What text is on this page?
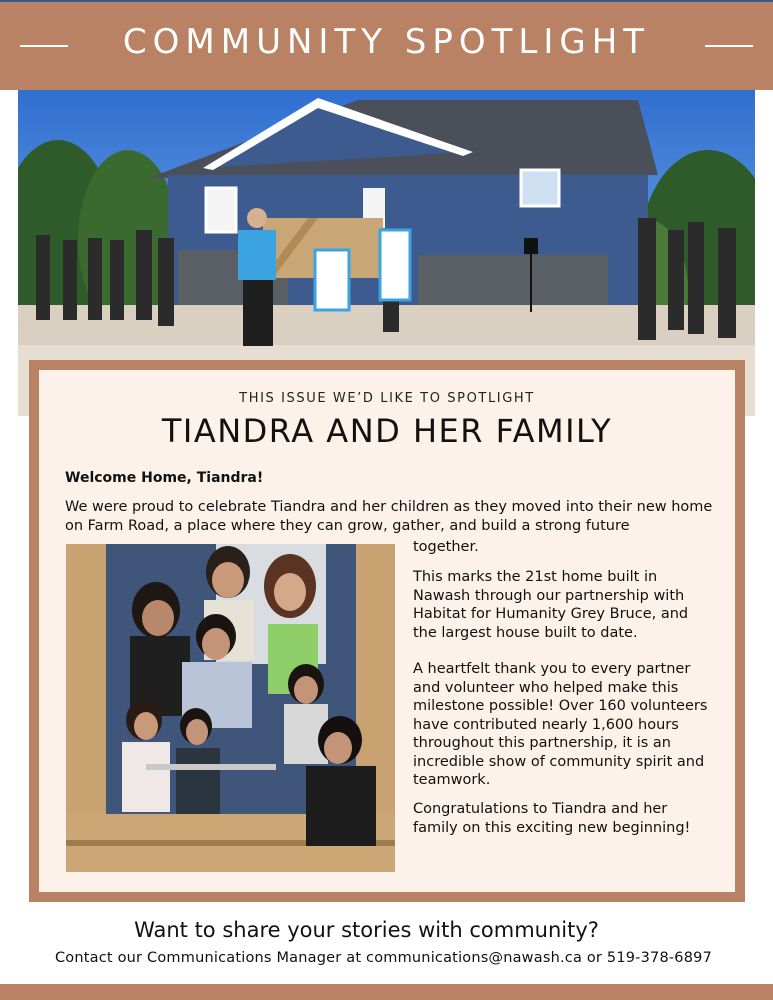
COMMUNITY SPOTLIGHT
THIS ISSUE WE’D LIKE TO SPOTLIGHT
TIANDRA AND HER FAMILY
Welcome Home, Tiandra!
We were proud to celebrate Tiandra and her children as they moved into their new home on Farm Road, a place where they can grow, gather, and build a strong future
together.
This marks the 21st home built in Nawash through our partnership with Habitat for Humanity Grey Bruce, and the largest house built to date.
A heartfelt thank you to every partner and volunteer who helped make this milestone possible! Over 160 volunteers have contributed nearly 1,600 hours throughout this partnership, it is an incredible show of community spirit and teamwork.
Congratulations to Tiandra and her family on this exciting new beginning!
Want to share your stories with community?
Contact our Communications Manager at communications@nawash.ca or 519-378-6897
